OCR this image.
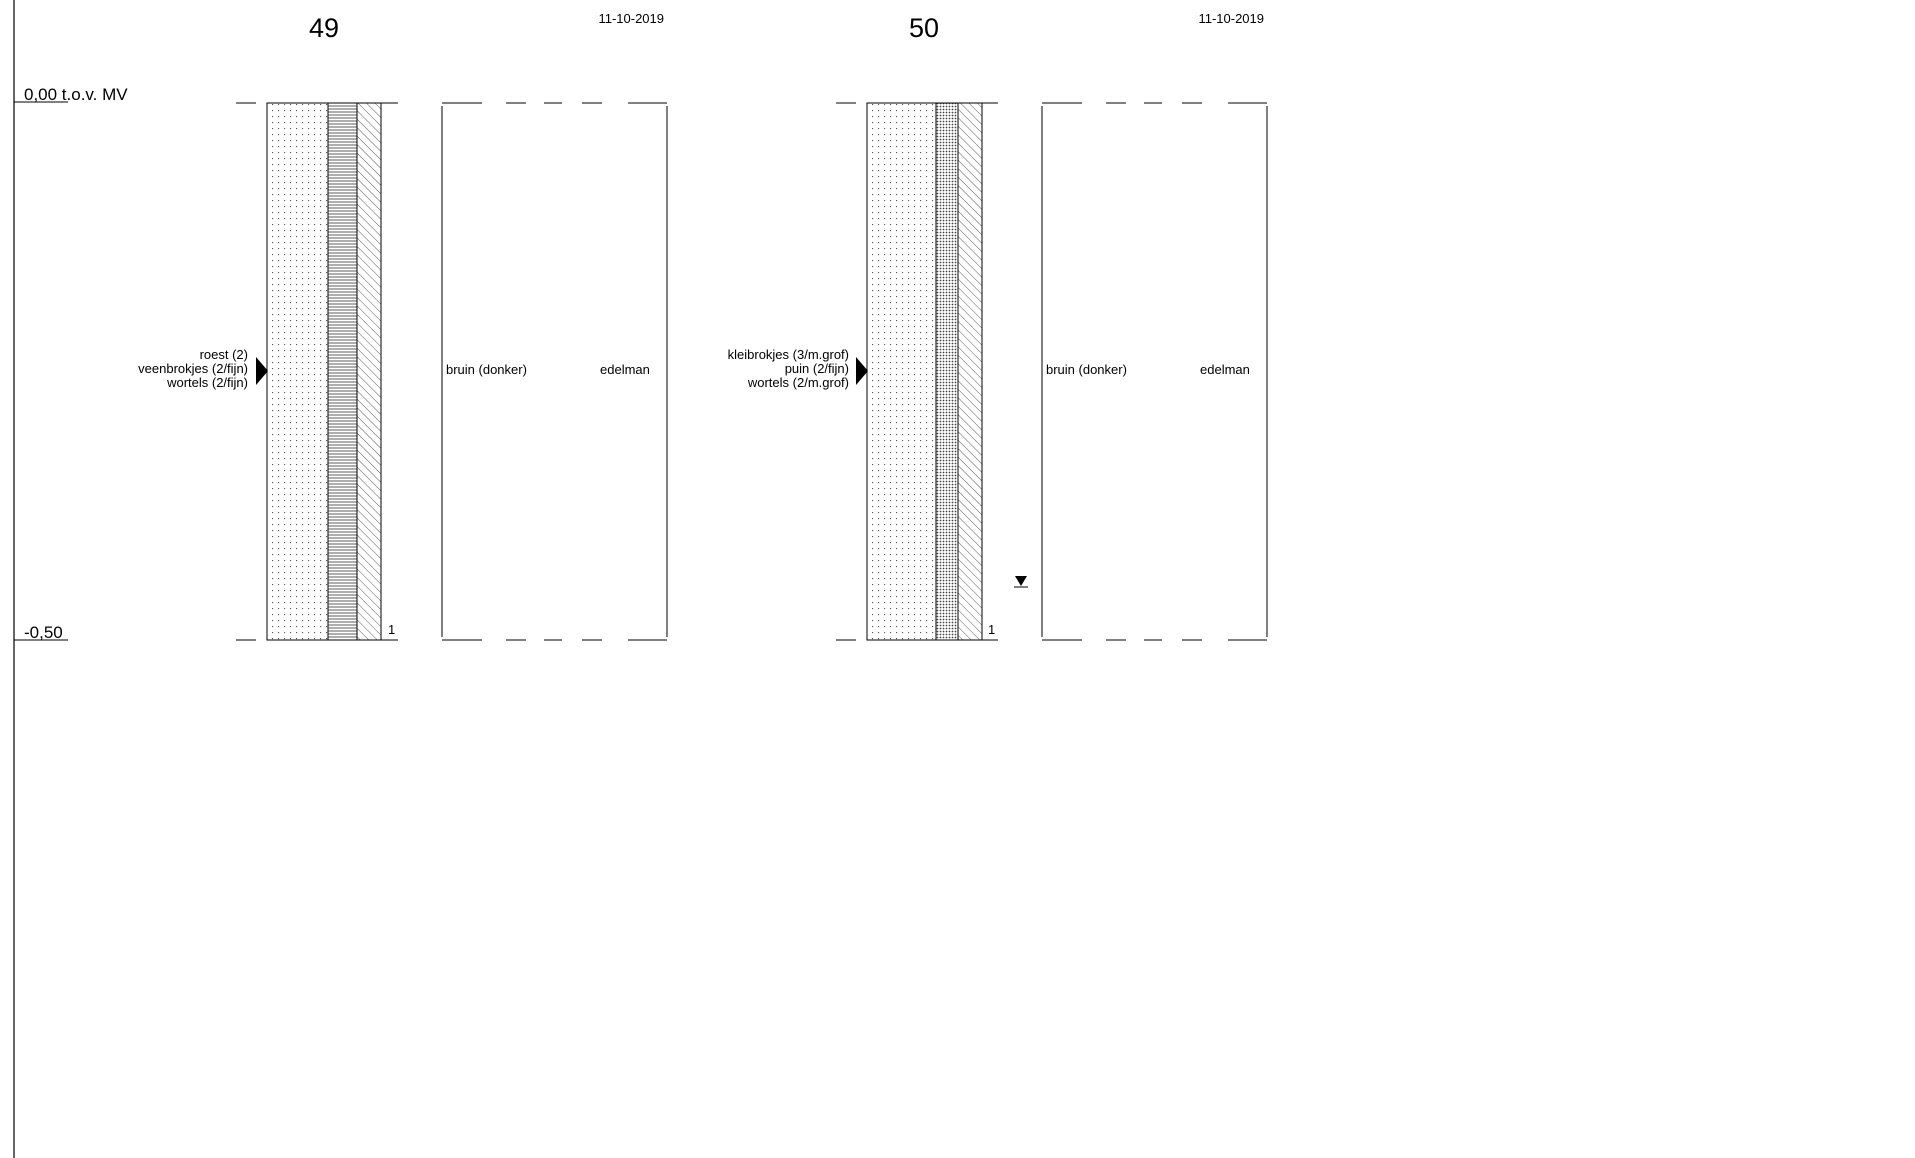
0,00 t.o.v. MV
-0,50
49	11-10-2019
1
roest (2)
veenbrokjes (2/fijn)
wortels (2/fijn)
bruin (donker)	edelman
50	11-10-2019
1
kleibrokjes (3/m.grof)
puin (2/fijn)
wortels (2/m.grof)
bruin (donker)	edelman
